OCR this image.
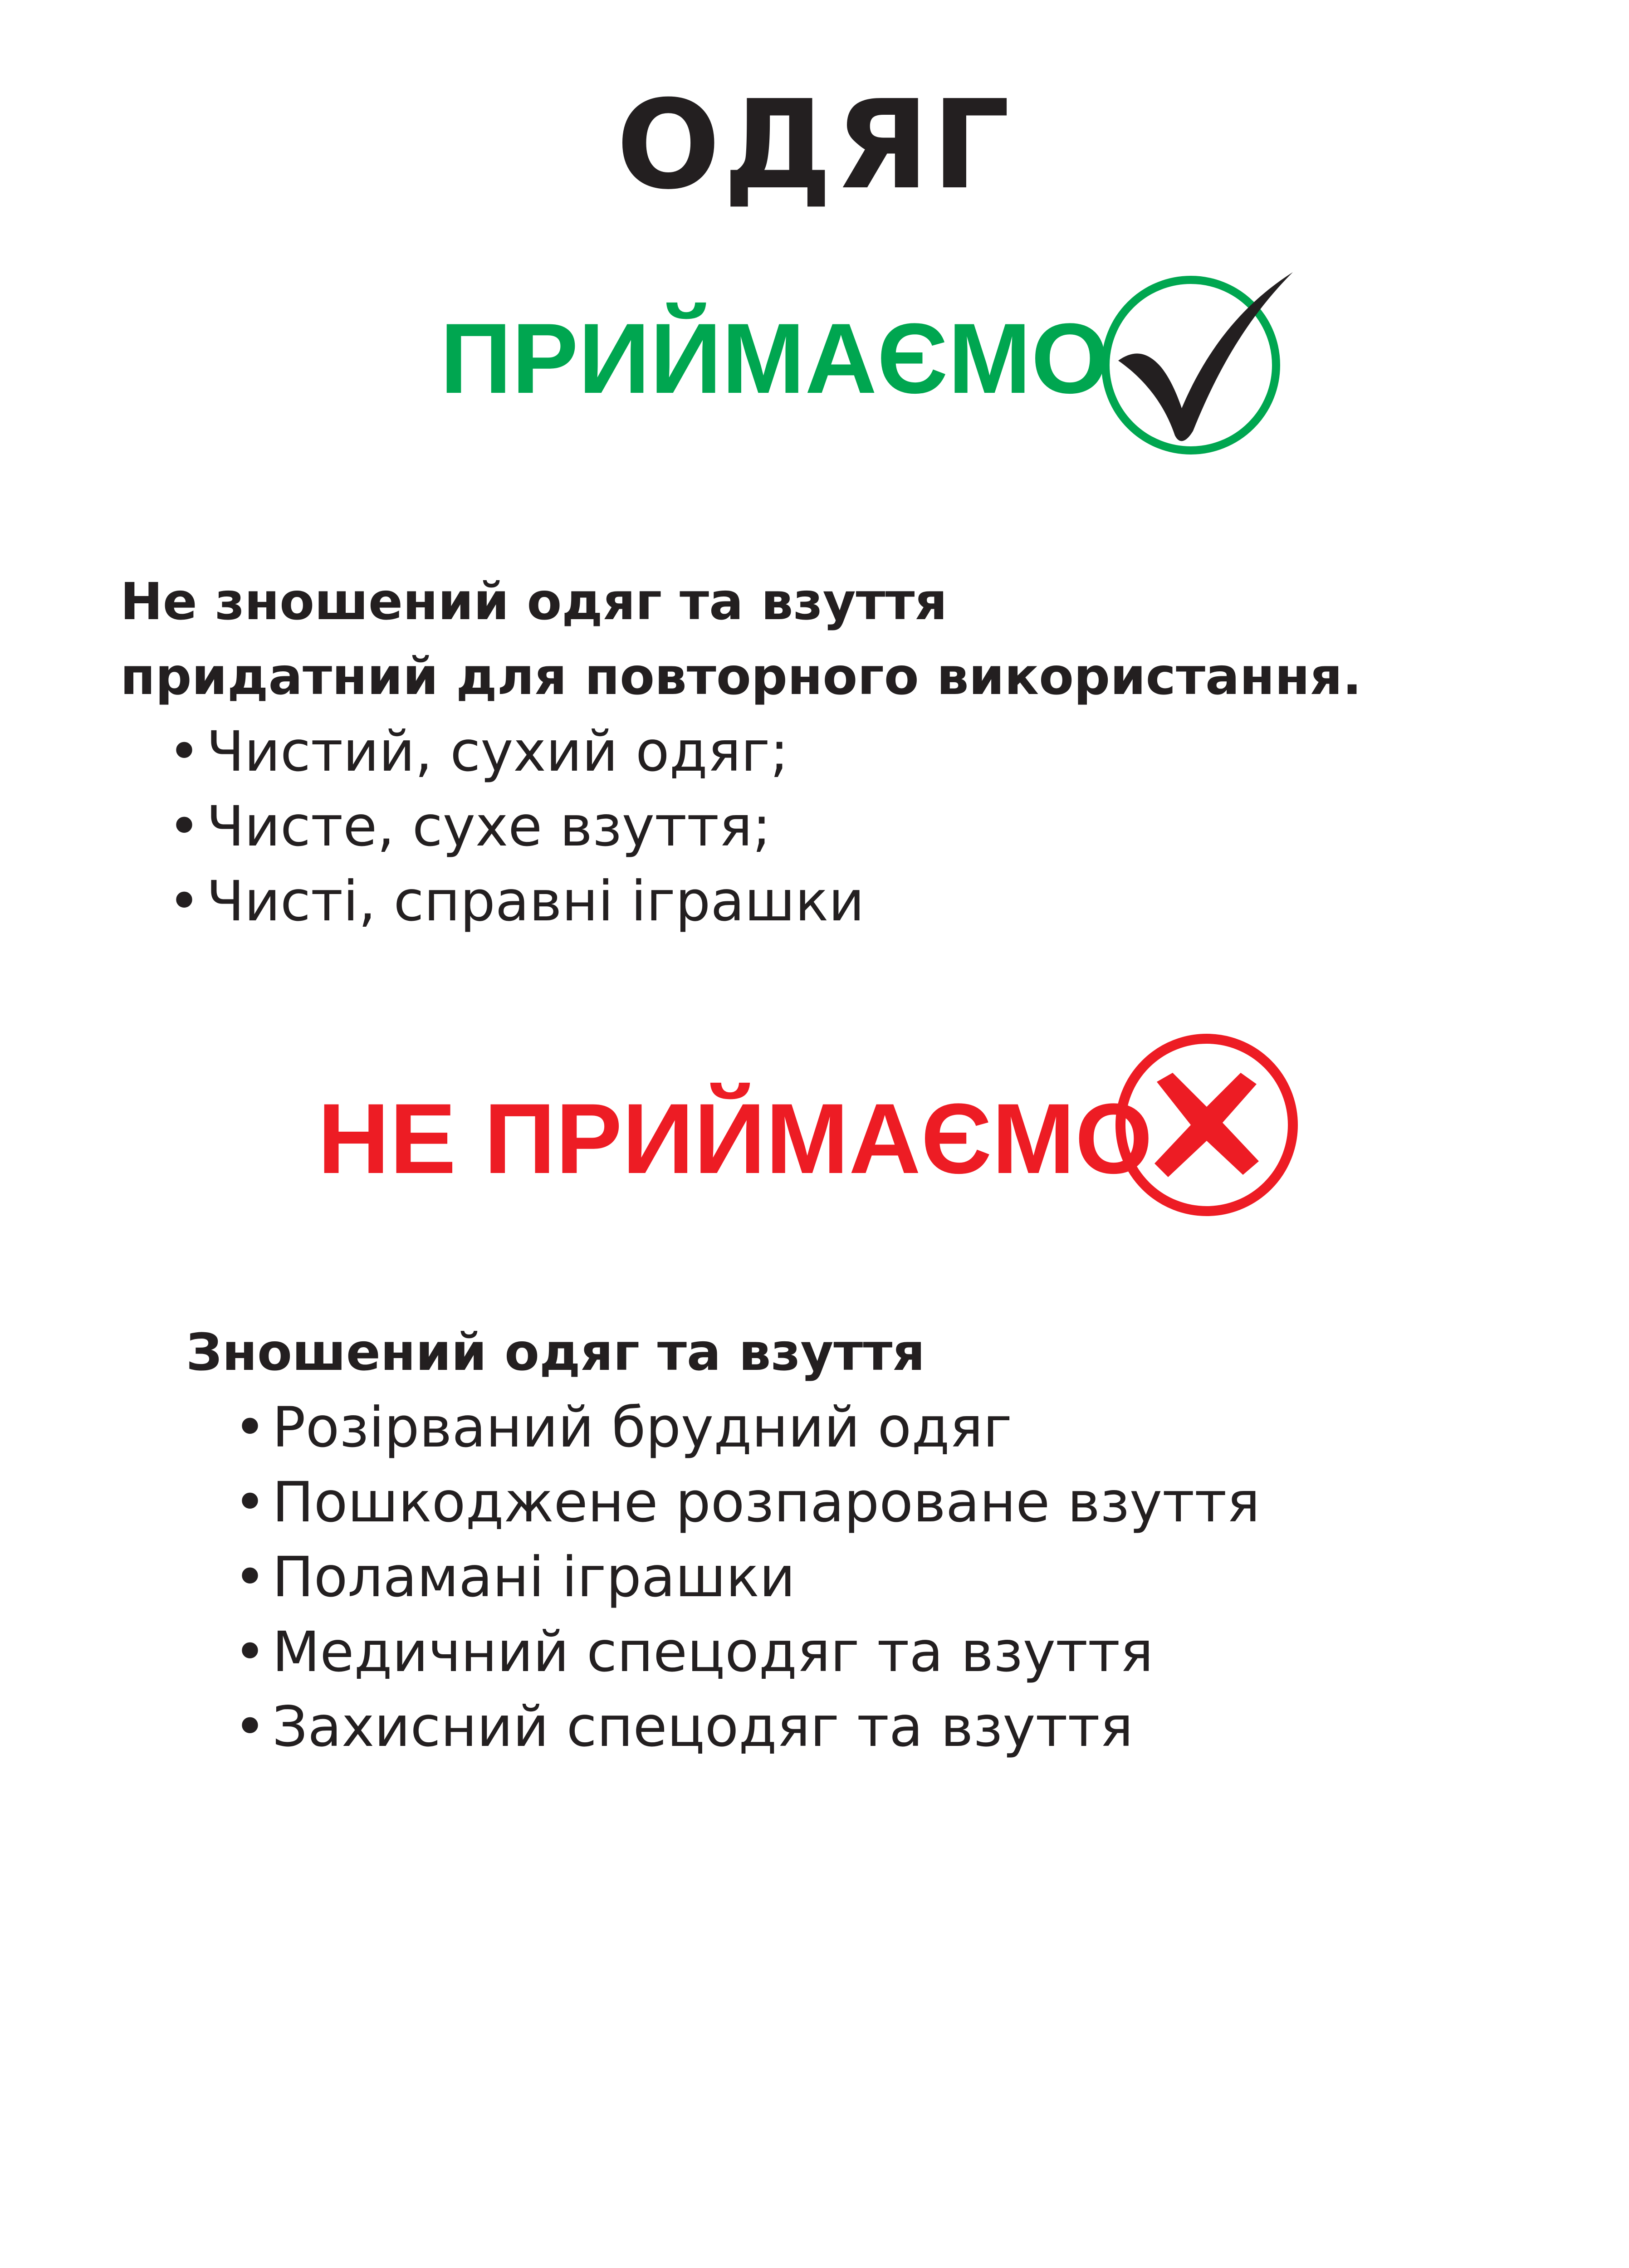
ОДЯГ
ПРИЙМАЄМО
Не зношений одяг та взуття
придатний для повторного використання.
• Чистий, сухий одяг;
• Чисте, сухе взуття;
• Чисті, справні іграшки
НЕ ПРИЙМАЄМО
Зношений одяг та взуття
• Розірваний брудний одяг
• Пошкоджене розпароване взуття
• Поламані іграшки
• Медичний спецодяг та взуття
• Захисний спецодяг та взуття
